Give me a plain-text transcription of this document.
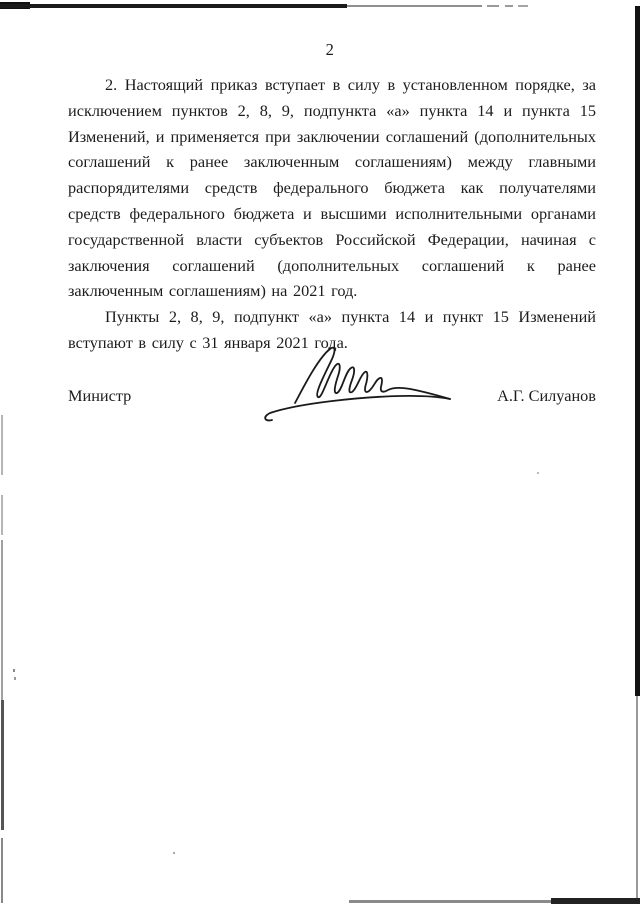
2

2. Настоящий приказ вступает в силу в установленном порядке, за исключением пунктов 2, 8, 9, подпункта «а» пункта 14 и пункта 15 Изменений, и применяется при заключении соглашений (дополнительных соглашений к ранее заключенным соглашениям) между главными распорядителями средств федерального бюджета как получателями средств федерального бюджета и высшими исполнительными органами государственной власти субъектов Российской Федерации, начиная с заключения соглашений (дополнительных соглашений к ранее заключенным соглашениям) на 2021 год.

Пункты 2, 8, 9, подпункт «а» пункта 14 и пункт 15 Изменений вступают в силу с 31 января 2021 года.

Министр	А.Г. Силуанов
